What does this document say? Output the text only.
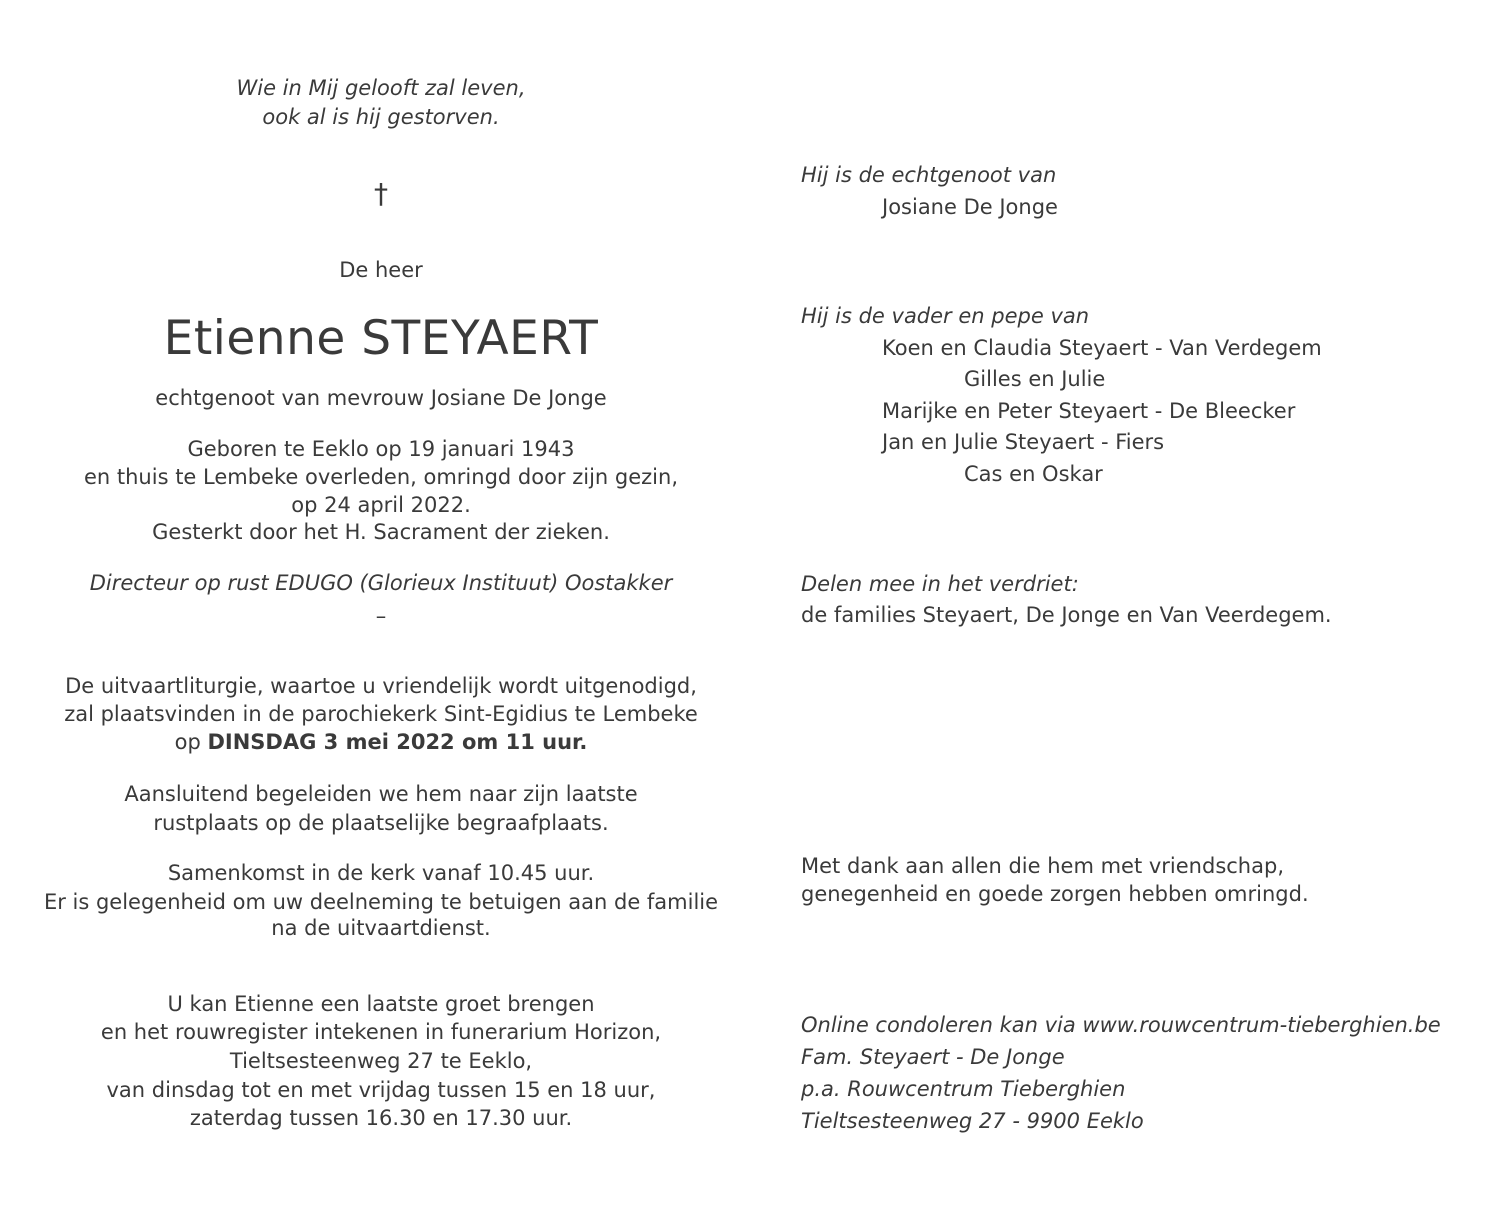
Wie in Mij gelooft zal leven,
ook al is hij gestorven.
†
De heer
Etienne STEYAERT
echtgenoot van mevrouw Josiane De Jonge
Geboren te Eeklo op 19 januari 1943
en thuis te Lembeke overleden, omringd door zijn gezin,
op 24 april 2022.
Gesterkt door het H. Sacrament der zieken.
Directeur op rust EDUGO (Glorieux Instituut) Oostakker
–
De uitvaartliturgie, waartoe u vriendelijk wordt uitgenodigd,
zal plaatsvinden in de parochiekerk Sint-Egidius te Lembeke
op DINSDAG 3 mei 2022 om 11 uur.
Aansluitend begeleiden we hem naar zijn laatste
rustplaats op de plaatselijke begraafplaats.
Samenkomst in de kerk vanaf 10.45 uur.
Er is gelegenheid om uw deelneming te betuigen aan de familie
na de uitvaartdienst.
U kan Etienne een laatste groet brengen
en het rouwregister intekenen in funerarium Horizon,
Tieltsesteenweg 27 te Eeklo,
van dinsdag tot en met vrijdag tussen 15 en 18 uur,
zaterdag tussen 16.30 en 17.30 uur.
Hij is de echtgenoot van
Josiane De Jonge
Hij is de vader en pepe van
Koen en Claudia Steyaert - Van Verdegem
Gilles en Julie
Marijke en Peter Steyaert - De Bleecker
Jan en Julie Steyaert - Fiers
Cas en Oskar
Delen mee in het verdriet:
de families Steyaert, De Jonge en Van Veerdegem.
Met dank aan allen die hem met vriendschap,
genegenheid en goede zorgen hebben omringd.
Online condoleren kan via www.rouwcentrum-tieberghien.be
Fam. Steyaert - De Jonge
p.a. Rouwcentrum Tieberghien
Tieltsesteenweg 27 - 9900 Eeklo
